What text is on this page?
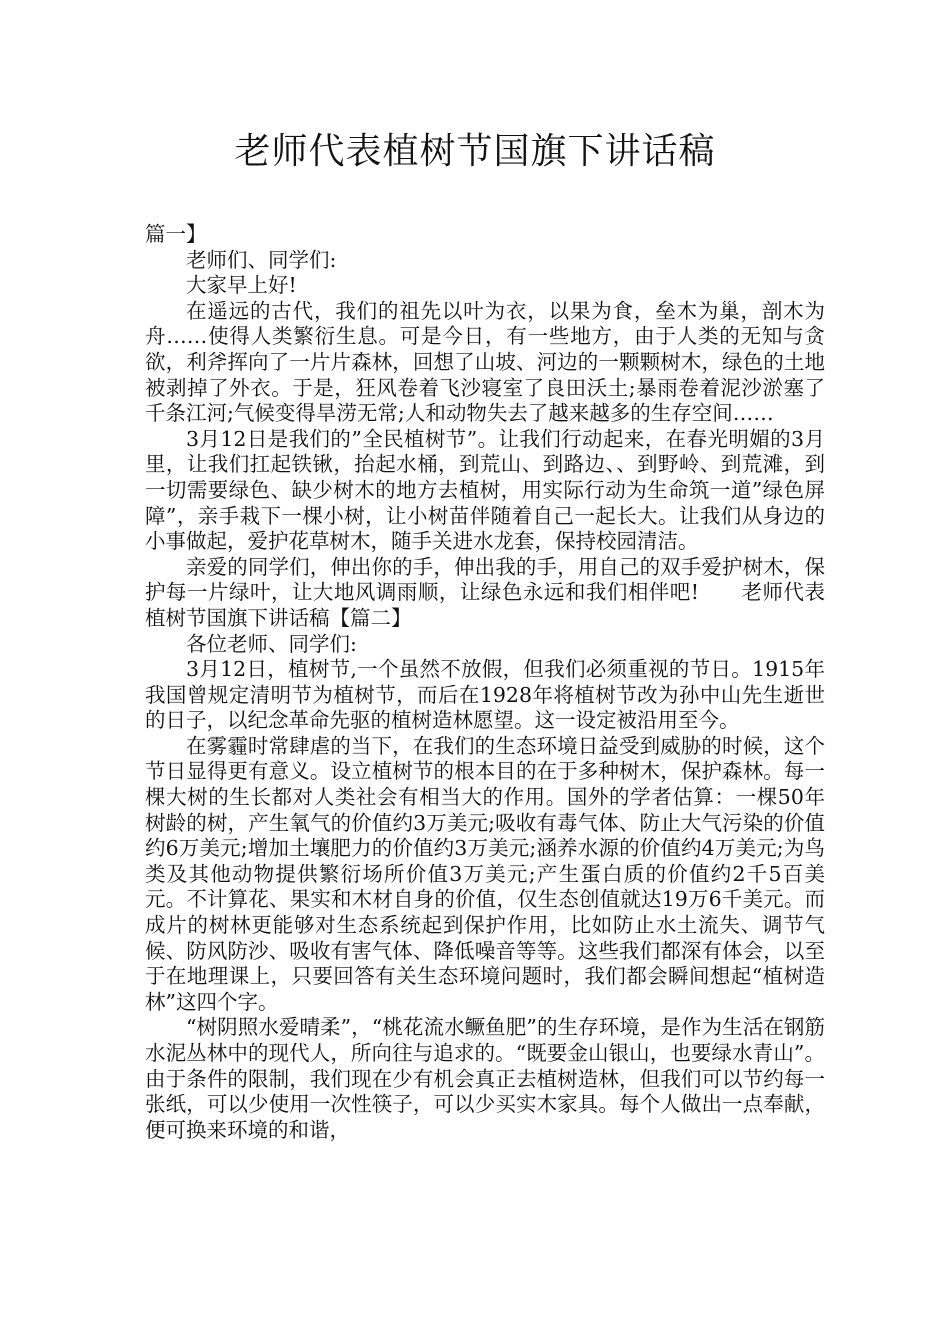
老师代表植树节国旗下讲话稿

篇一】

老师们、同学们:

大家早上好!

在遥远的古代，我们的祖先以叶为衣，以果为食，垒木为巢，剖木为舟……使得人类繁衍生息。可是今日，有一些地方，由于人类的无知与贪欲，利斧挥向了一片片森林，回想了山坡、河边的一颗颗树木，绿色的土地被剥掉了外衣。于是，狂风卷着飞沙寝室了良田沃土;暴雨卷着泥沙淤塞了千条江河;气候变得旱涝无常;人和动物失去了越来越多的生存空间……

3月12日是我们的”全民植树节”。让我们行动起来，在春光明媚的3月里，让我们扛起铁锹，抬起水桶，到荒山、到路边、、到野岭、到荒滩，到一切需要绿色、缺少树木的地方去植树，用实际行动为生命筑一道”绿色屏障”，亲手栽下一棵小树，让小树苗伴随着自己一起长大。让我们从身边的小事做起，爱护花草树木，随手关进水龙套，保持校园清洁。

亲爱的同学们，伸出你的手，伸出我的手，用自己的双手爱护树木，保护每一片绿叶，让大地风调雨顺，让绿色永远和我们相伴吧!　　老师代表植树节国旗下讲话稿【篇二】

各位老师、同学们:

3月12日，植树节,一个虽然不放假，但我们必须重视的节日。1915年我国曾规定清明节为植树节，而后在1928年将植树节改为孙中山先生逝世的日子，以纪念革命先驱的植树造林愿望。这一设定被沿用至今。

在雾霾时常肆虐的当下，在我们的生态环境日益受到威胁的时候，这个节日显得更有意义。设立植树节的根本目的在于多种树木，保护森林。每一棵大树的生长都对人类社会有相当大的作用。国外的学者估算：一棵50年树龄的树，产生氧气的价值约3万美元;吸收有毒气体、防止大气污染的价值约6万美元;增加土壤肥力的价值约3万美元;涵养水源的价值约4万美元;为鸟类及其他动物提供繁衍场所价值3万美元;产生蛋白质的价值约2千5百美元。不计算花、果实和木材自身的价值，仅生态创值就达19万6千美元。而成片的树林更能够对生态系统起到保护作用，比如防止水土流失、调节气候、防风防沙、吸收有害气体、降低噪音等等。这些我们都深有体会，以至于在地理课上，只要回答有关生态环境问题时，我们都会瞬间想起“植树造林”这四个字。

“树阴照水爱晴柔”，“桃花流水鳜鱼肥”的生存环境，是作为生活在钢筋水泥丛林中的现代人，所向往与追求的。“既要金山银山，也要绿水青山”。由于条件的限制，我们现在少有机会真正去植树造林，但我们可以节约每一张纸，可以少使用一次性筷子，可以少买实木家具。每个人做出一点奉献，便可换来环境的和谐，
